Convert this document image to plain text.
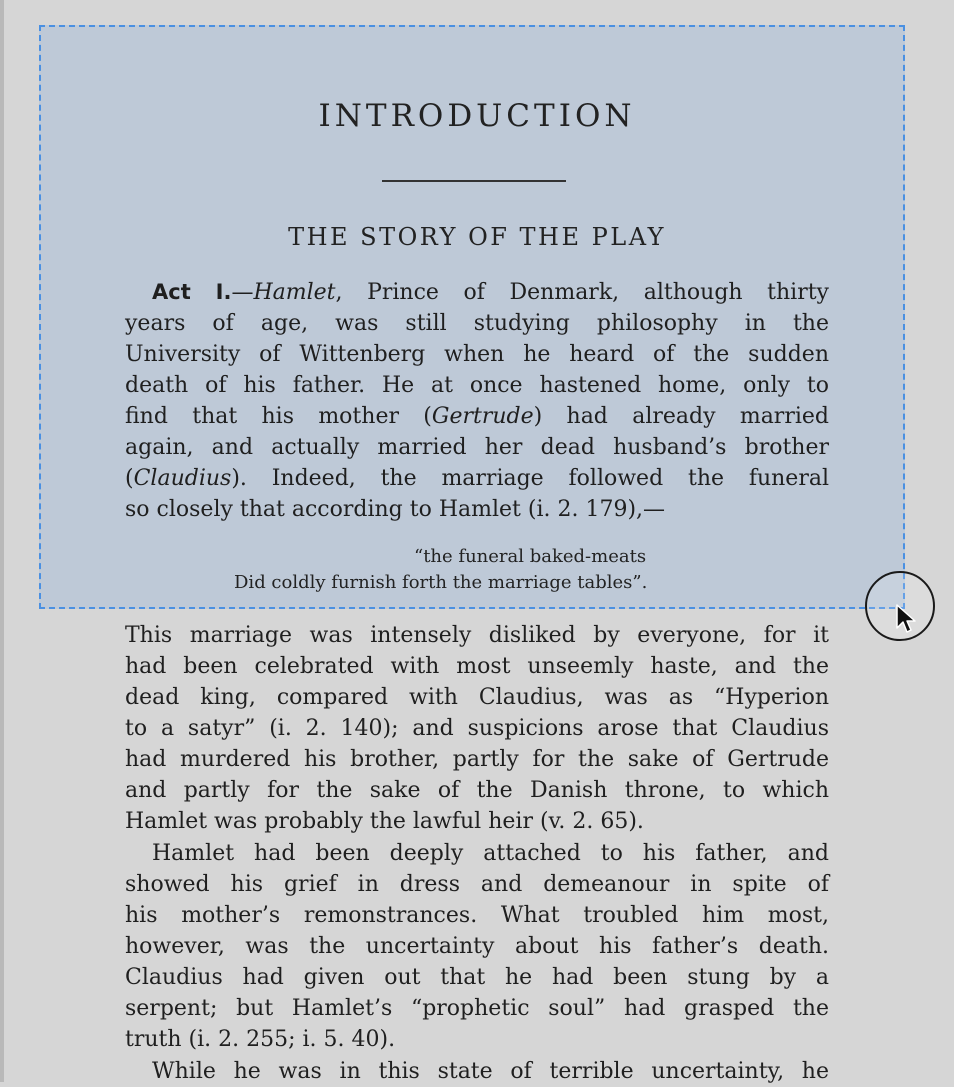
INTRODUCTION
THE STORY OF THE PLAY
Act I.—Hamlet, Prince of Denmark, although thirty
years of age, was still studying philosophy in the
University of Wittenberg when he heard of the sudden
death of his father. He at once hastened home, only to
find that his mother (Gertrude) had already married
again, and actually married her dead husband’s brother
(Claudius). Indeed, the marriage followed the funeral
so closely that according to Hamlet (i. 2. 179),—
“the funeral baked-meats
Did coldly furnish forth the marriage tables”.
This marriage was intensely disliked by everyone, for it
had been celebrated with most unseemly haste, and the
dead king, compared with Claudius, was as “Hyperion
to a satyr” (i. 2. 140); and suspicions arose that Claudius
had murdered his brother, partly for the sake of Gertrude
and partly for the sake of the Danish throne, to which
Hamlet was probably the lawful heir (v. 2. 65).
Hamlet had been deeply attached to his father, and
showed his grief in dress and demeanour in spite of
his mother’s remonstrances. What troubled him most,
however, was the uncertainty about his father’s death.
Claudius had given out that he had been stung by a
serpent; but Hamlet’s “prophetic soul” had grasped the
truth (i. 2. 255; i. 5. 40).
While he was in this state of terrible uncertainty, he
